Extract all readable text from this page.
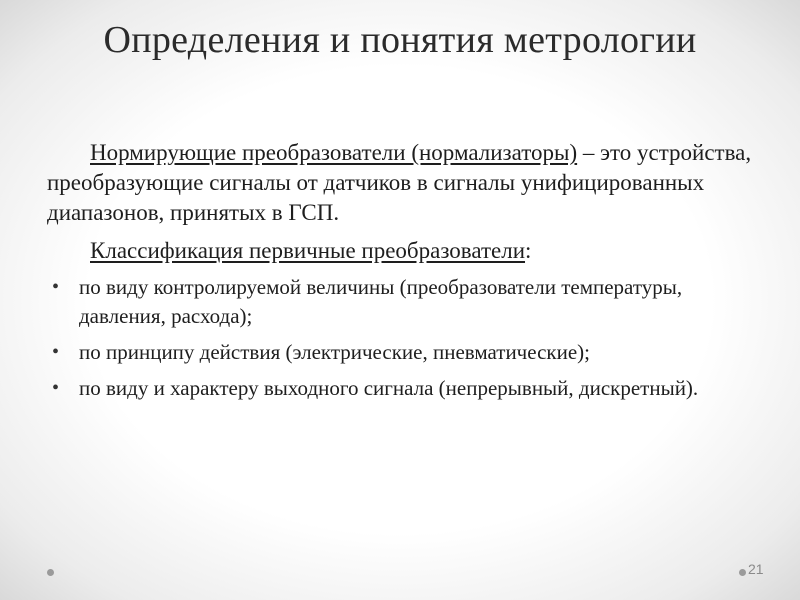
Определения и понятия метрологии

Нормирующие преобразователи (нормализаторы) – это устройства, преобразующие сигналы от датчиков в сигналы унифицированных диапазонов, принятых в ГСП.

Классификация первичные преобразователи:

• по виду контролируемой величины (преобразователи температуры, давления, расхода);
• по принципу действия (электрические, пневматические);
• по виду и характеру выходного сигнала (непрерывный, дискретный).
21
